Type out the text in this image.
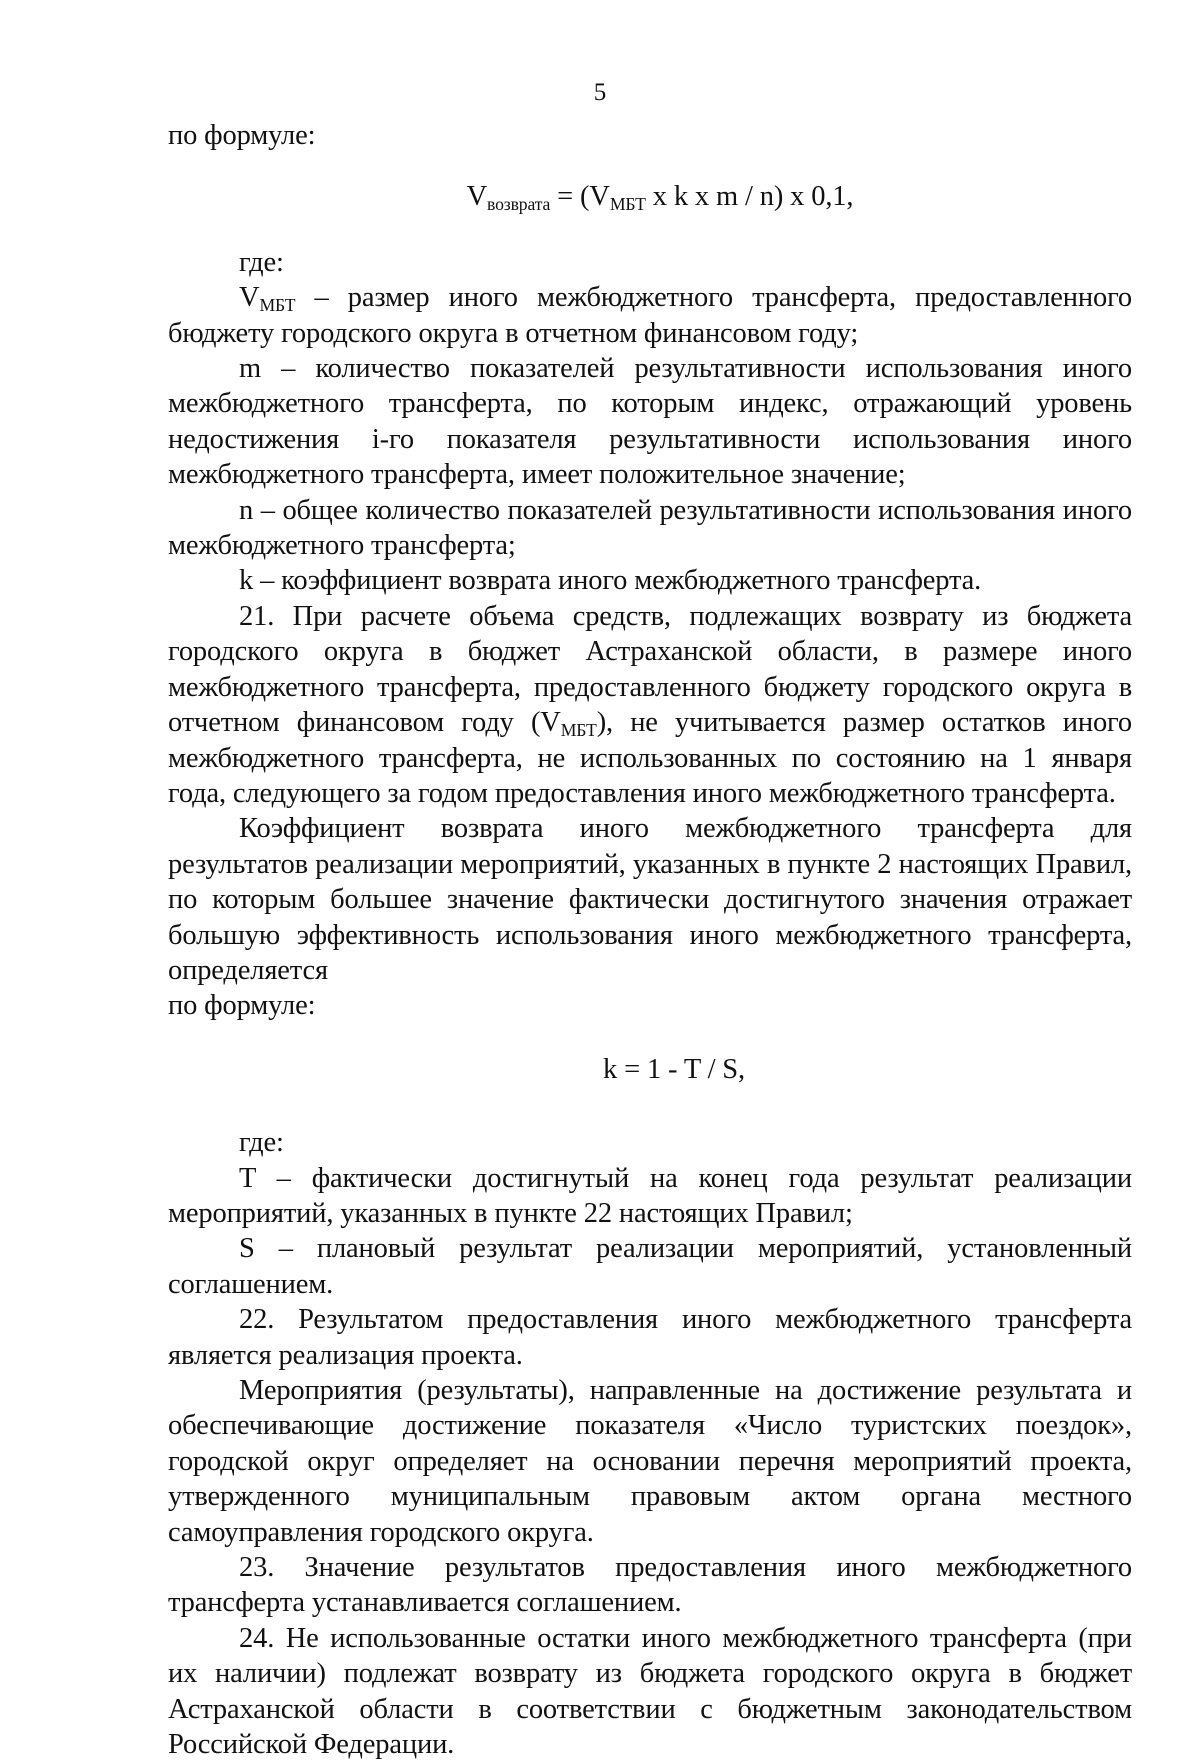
5

по формуле:

Vвозврата = ($V_{МБТ}$ x k x m / n) x 0,1,

где:

$V_{МБТ}$ – размер иного межбюджетного трансферта, предоставленного бюджету городского округа в отчетном финансовом году;

m – количество показателей результативности использования иного межбюджетного трансферта, по которым индекс, отражающий уровень недостижения i-го показателя результативности использования иного межбюджетного трансферта, имеет положительное значение;

n – общее количество показателей результативности использования иного межбюджетного трансферта;

k – коэффициент возврата иного межбюджетного трансферта.

21. При расчете объема средств, подлежащих возврату из бюджета городского округа в бюджет Астраханской области, в размере иного межбюджетного трансферта, предоставленного бюджету городского округа в отчетном финансовом году $(V_{МБТ})$, не учитывается размер остатков иного межбюджетного трансферта, не использованных по состоянию на 1 января года, следующего за годом предоставления иного межбюджетного трансферта.

Коэффициент возврата иного межбюджетного трансферта для результатов реализации мероприятий, указанных в пункте 2 настоящих Правил, по которым большее значение фактически достигнутого значения отражает большую эффективность использования иного межбюджетного трансферта, определяется

по формуле:

k = 1 - T / S,

где:

T – фактически достигнутый на конец года результат реализации мероприятий, указанных в пункте 22 настоящих Правил;

S – плановый результат реализации мероприятий, установленный соглашением.

22. Результатом предоставления иного межбюджетного трансферта является реализация проекта.

Мероприятия (результаты), направленные на достижение результата и обеспечивающие достижение показателя «Число туристских поездок», городской округ определяет на основании перечня мероприятий проекта, утвержденного муниципальным правовым актом органа местного самоуправления городского округа.

23. Значение результатов предоставления иного межбюджетного трансферта устанавливается соглашением.

24. Не использованные остатки иного межбюджетного трансферта (при их наличии) подлежат возврату из бюджета городского округа в бюджет Астраханской области в соответствии с бюджетным законодательством Российской Федерации.
